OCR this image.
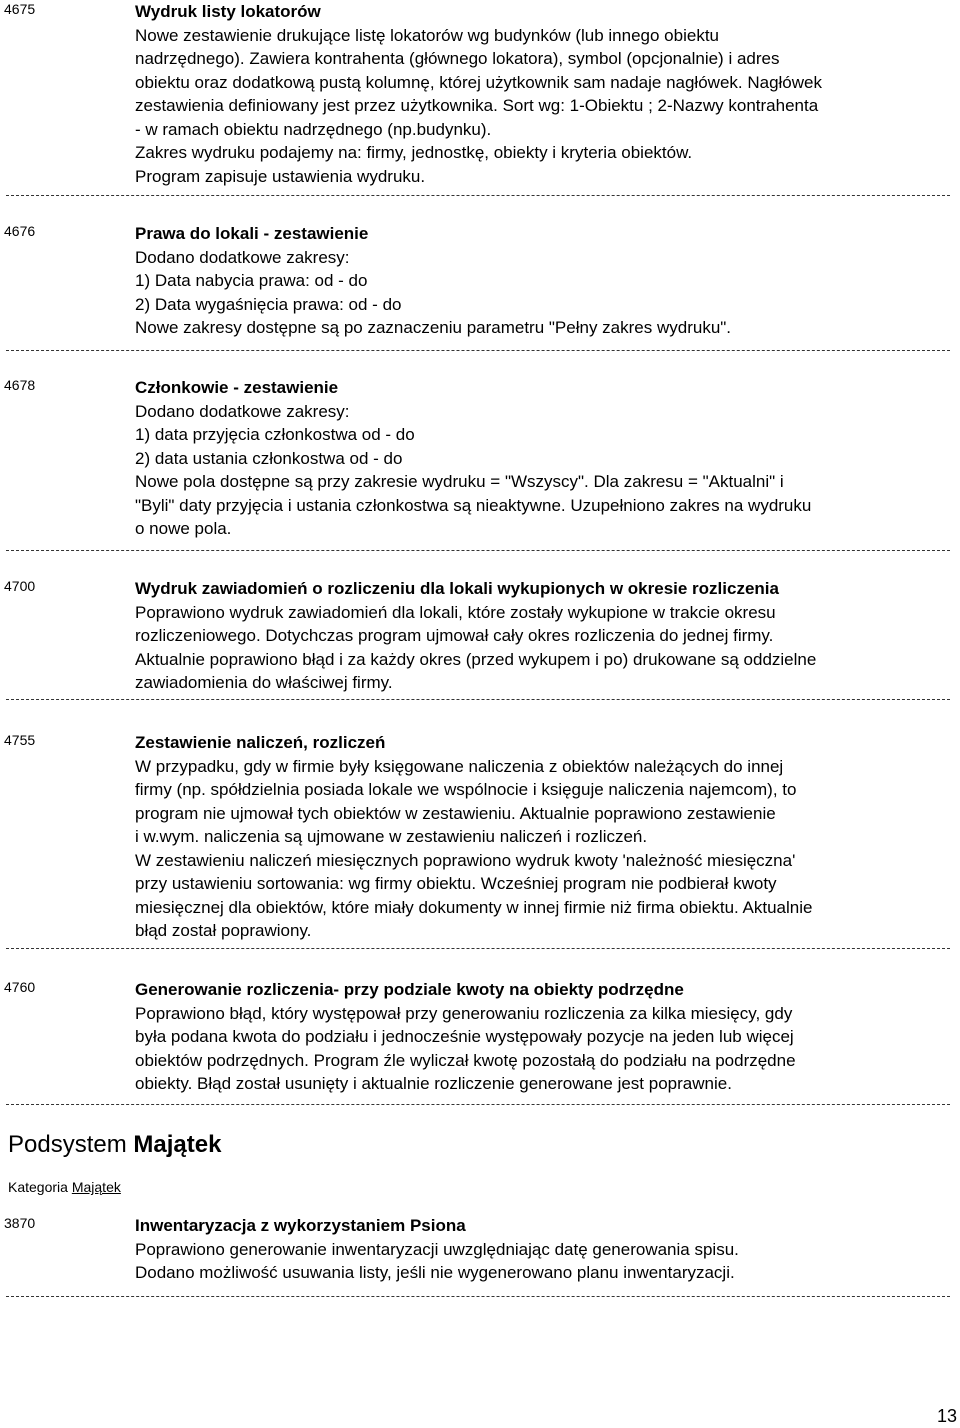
4675	Wydruk listy lokatorów
Nowe zestawienie drukujące listę lokatorów wg budynków (lub innego obiektu
nadrzędnego). Zawiera kontrahenta (głównego lokatora), symbol (opcjonalnie) i adres
obiektu oraz dodatkową pustą kolumnę, której użytkownik sam nadaje nagłówek. Nagłówek
zestawienia definiowany jest przez użytkownika. Sort wg: 1-Obiektu ; 2-Nazwy kontrahenta
- w ramach obiektu nadrzędnego (np.budynku).
Zakres wydruku podajemy na: firmy, jednostkę, obiekty i kryteria obiektów.
Program zapisuje ustawienia wydruku.
4676	Prawa do lokali - zestawienie
Dodano dodatkowe zakresy:
1) Data nabycia prawa: od - do
2) Data wygaśnięcia prawa: od - do
Nowe zakresy dostępne są po zaznaczeniu parametru "Pełny zakres wydruku".
4678	Członkowie - zestawienie
Dodano dodatkowe zakresy:
1) data przyjęcia członkostwa od - do
2) data ustania członkostwa od - do
Nowe pola dostępne są przy zakresie wydruku = "Wszyscy". Dla zakresu = "Aktualni" i
"Byli" daty przyjęcia i ustania członkostwa są nieaktywne. Uzupełniono zakres na wydruku
o nowe pola.
4700	Wydruk zawiadomień o rozliczeniu dla lokali wykupionych w okresie rozliczenia
Poprawiono wydruk zawiadomień dla lokali, które zostały wykupione w trakcie okresu
rozliczeniowego. Dotychczas program ujmował cały okres rozliczenia do jednej firmy.
Aktualnie poprawiono błąd i za każdy okres (przed wykupem i po) drukowane są oddzielne
zawiadomienia do właściwej firmy.
4755	Zestawienie naliczeń, rozliczeń
W przypadku, gdy w firmie były księgowane naliczenia z obiektów należących do innej
firmy (np. spółdzielnia posiada lokale we wspólnocie i księguje naliczenia najemcom), to
program nie ujmował tych obiektów w zestawieniu. Aktualnie poprawiono zestawienie
i w.wym. naliczenia są ujmowane w zestawieniu naliczeń i rozliczeń.
W zestawieniu naliczeń miesięcznych poprawiono wydruk kwoty 'należność miesięczna'
przy ustawieniu sortowania: wg firmy obiektu. Wcześniej program nie podbierał kwoty
miesięcznej dla obiektów, które miały dokumenty w innej firmie niż firma obiektu. Aktualnie
błąd został poprawiony.
4760	Generowanie rozliczenia- przy podziale kwoty na obiekty podrzędne
Poprawiono błąd, który występował przy generowaniu rozliczenia za kilka miesięcy, gdy
była podana kwota do podziału i jednocześnie występowały pozycje na jeden lub więcej
obiektów podrzędnych. Program źle wyliczał kwotę pozostałą do podziału na podrzędne
obiekty. Błąd został usunięty i aktualnie rozliczenie generowane jest poprawnie.
Podsystem Majątek
Kategoria Majątek
3870	Inwentaryzacja z wykorzystaniem Psiona
Poprawiono generowanie inwentaryzacji uwzględniając datę generowania spisu.
Dodano możliwość usuwania listy, jeśli nie wygenerowano planu inwentaryzacji.
13
